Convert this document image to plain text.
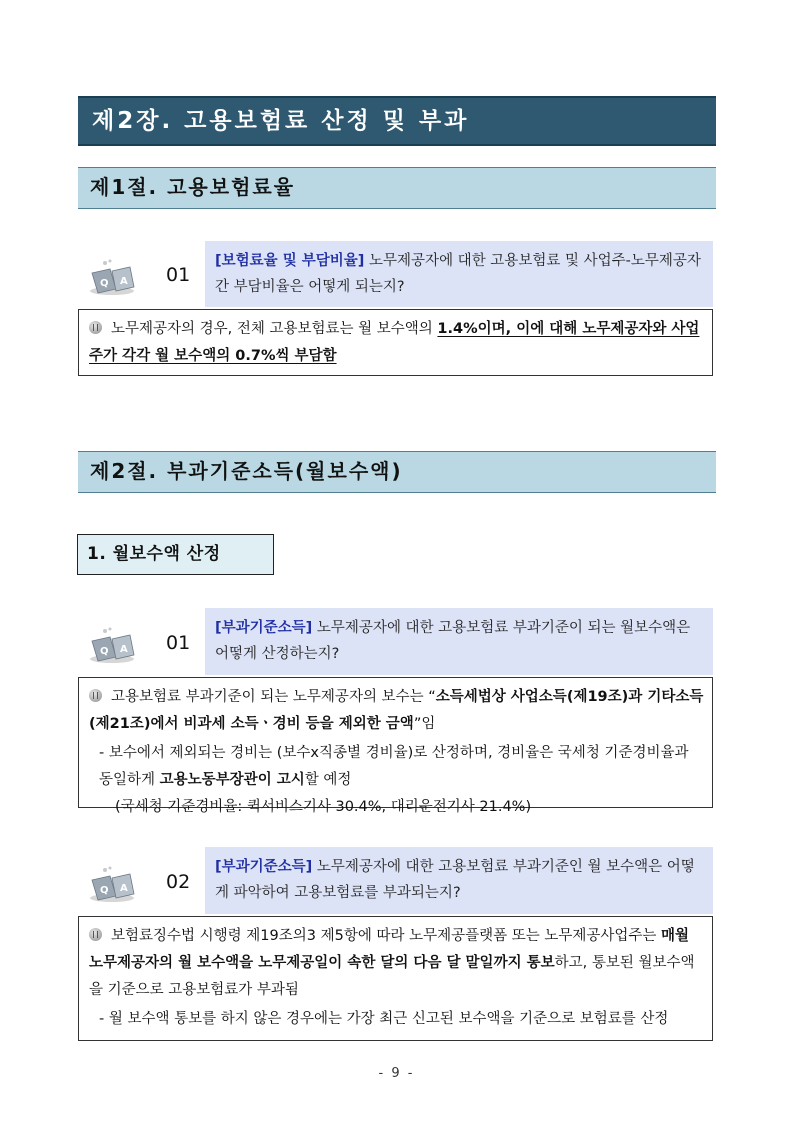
제2장. 고용보험료 산정 및 부과
제1절. 고용보험료율
Q A 01
[보험료율 및 부담비율] 노무제공자에 대한 고용보험료 및 사업주-노무제공자간 부담비율은 어떻게 되는지?
노무제공자의 경우, 전체 고용보험료는 월 보수액의 1.4%이며, 이에 대해 노무제공자와 사업주가 각각 월 보수액의 0.7%씩 부담함
제2절. 부과기준소득(월보수액)
1. 월보수액 산정
Q A 01
[부과기준소득] 노무제공자에 대한 고용보험료 부과기준이 되는 월보수액은 어떻게 산정하는지?
고용보험료 부과기준이 되는 노무제공자의 보수는 “소득세법상 사업소득(제19조)과 기타소득(제21조)에서 비과세 소득ㆍ경비 등을 제외한 금액”임
- 보수에서 제외되는 경비는 (보수x직종별 경비율)로 산정하며, 경비율은 국세청 기준경비율과 동일하게 고용노동부장관이 고시할 예정
(국세청 기준경비율: 퀵서비스기사 30.4%, 대리운전기사 21.4%)
Q A 02
[부과기준소득] 노무제공자에 대한 고용보험료 부과기준인 월 보수액은 어떻게 파악하여 고용보험료를 부과되는지?
보험료징수법 시행령 제19조의3 제5항에 따라 노무제공플랫폼 또는 노무제공사업주는 매월 노무제공자의 월 보수액을 노무제공일이 속한 달의 다음 달 말일까지 통보하고, 통보된 월보수액을 기준으로 고용보험료가 부과됨
- 월 보수액 통보를 하지 않은 경우에는 가장 최근 신고된 보수액을 기준으로 보험료를 산정
- 9 -
